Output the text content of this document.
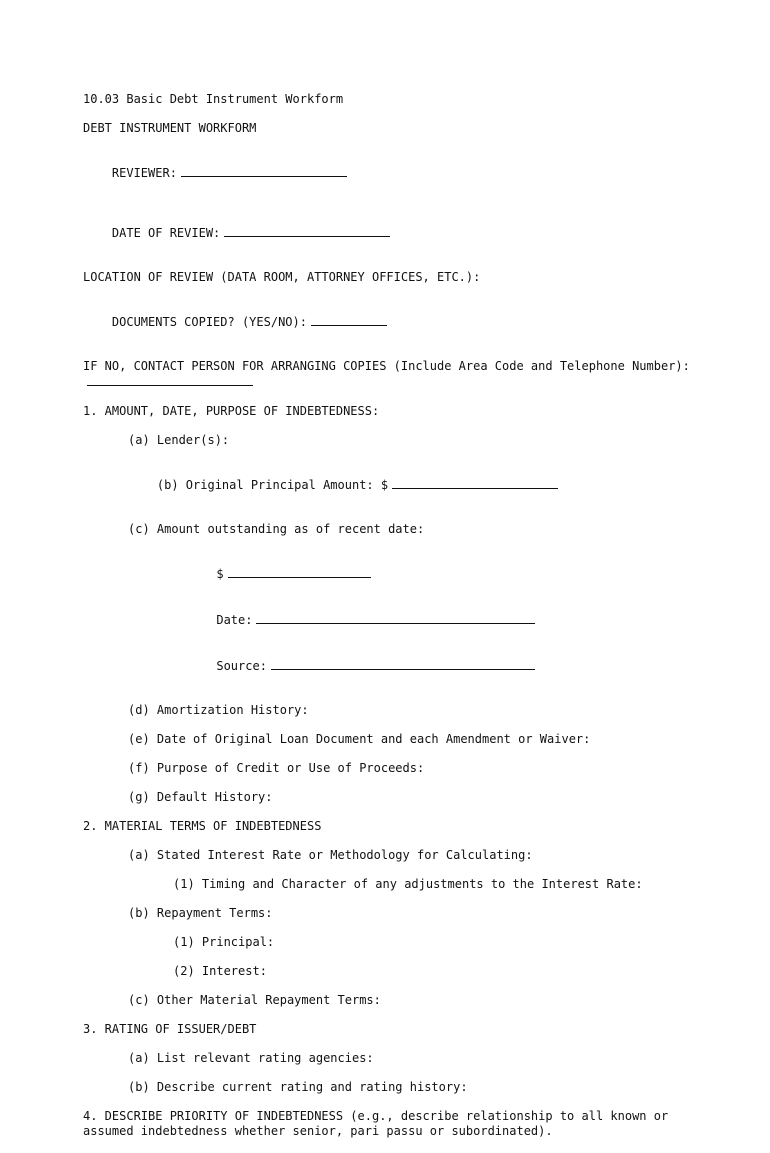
10.03 Basic Debt Instrument Workform
DEBT INSTRUMENT WORKFORM

REVIEWER:

DATE OF REVIEW:

LOCATION OF REVIEW (DATA ROOM, ATTORNEY OFFICES, ETC.):

DOCUMENTS COPIED? (YES/NO):

IF NO, CONTACT PERSON FOR ARRANGING COPIES (Include Area Code and Telephone Number):
1. AMOUNT, DATE, PURPOSE OF INDEBTEDNESS:
(a) Lender(s):

(b) Original Principal Amount: $

(c) Amount outstanding as of recent date:

$

Date:

Source:

(d) Amortization History:
(e) Date of Original Loan Document and each Amendment or Waiver:
(f) Purpose of Credit or Use of Proceeds:
(g) Default History:
2. MATERIAL TERMS OF INDEBTEDNESS
(a) Stated Interest Rate or Methodology for Calculating:
(1) Timing and Character of any adjustments to the Interest Rate:
(b) Repayment Terms:
(1) Principal:
(2) Interest:
(c) Other Material Repayment Terms:
3. RATING OF ISSUER/DEBT
(a) List relevant rating agencies:
(b) Describe current rating and rating history:
4. DESCRIBE PRIORITY OF INDEBTEDNESS (e.g., describe relationship to all known or assumed indebtedness whether senior, pari passu or subordinated).
